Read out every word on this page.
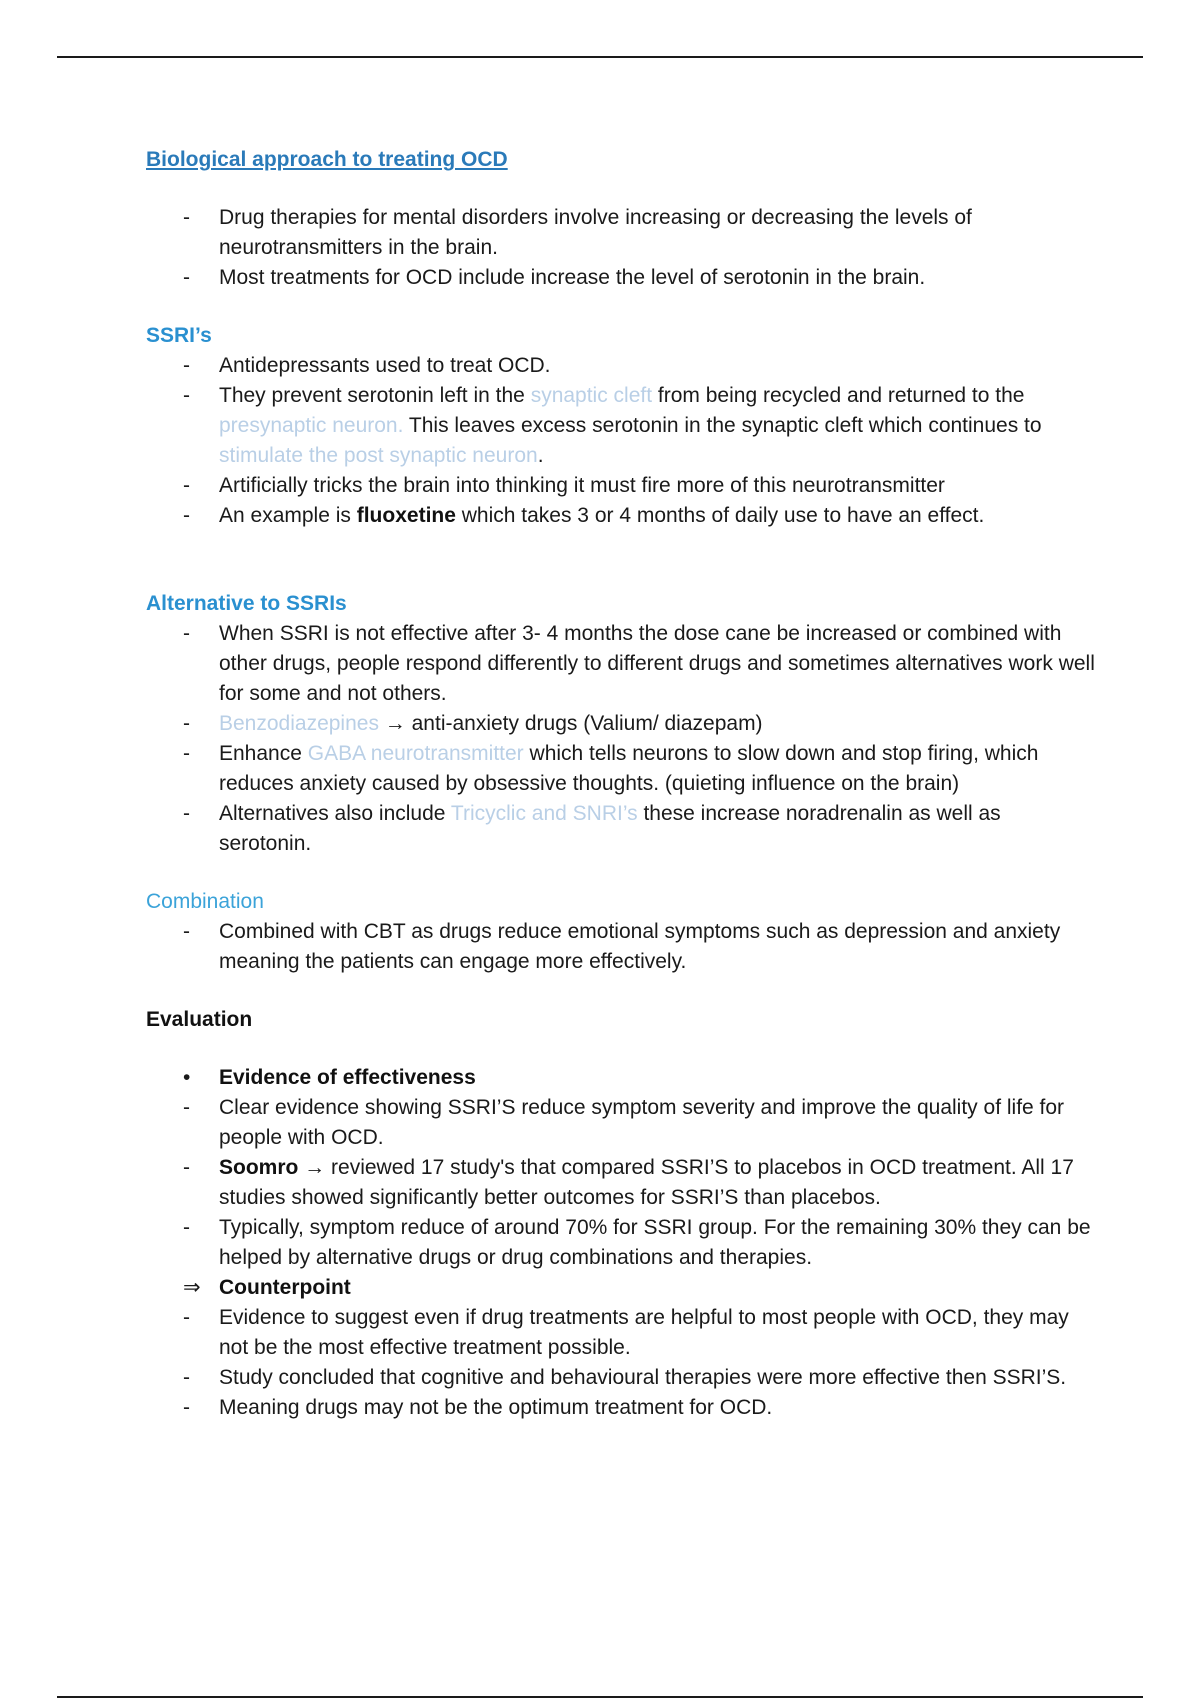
Biological approach to treating OCD

-	Drug therapies for mental disorders involve increasing or decreasing the levels of neurotransmitters in the brain.
-	Most treatments for OCD include increase the level of serotonin in the brain.

SSRI’s

-	Antidepressants used to treat OCD.
-	They prevent serotonin left in the synaptic cleft from being recycled and returned to the presynaptic neuron. This leaves excess serotonin in the synaptic cleft which continues to stimulate the post synaptic neuron.
-	Artificially tricks the brain into thinking it must fire more of this neurotransmitter
-	An example is fluoxetine which takes 3 or 4 months of daily use to have an effect.

Alternative to SSRIs

-	When SSRI is not effective after 3- 4 months the dose cane be increased or combined with other drugs, people respond differently to different drugs and sometimes alternatives work well for some and not others.
-	Benzodiazepines → anti-anxiety drugs (Valium/ diazepam)
-	Enhance GABA neurotransmitter which tells neurons to slow down and stop firing, which reduces anxiety caused by obsessive thoughts. (quieting influence on the brain)
-	Alternatives also include Tricyclic and SNRI’s these increase noradrenalin as well as serotonin.

Combination

-	Combined with CBT as drugs reduce emotional symptoms such as depression and anxiety meaning the patients can engage more effectively.

Evaluation

•	Evidence of effectiveness
-	Clear evidence showing SSRI’S reduce symptom severity and improve the quality of life for people with OCD.
-	Soomro → reviewed 17 study's that compared SSRI’S to placebos in OCD treatment. All 17 studies showed significantly better outcomes for SSRI’S than placebos.
-	Typically, symptom reduce of around 70% for SSRI group. For the remaining 30% they can be helped by alternative drugs or drug combinations and therapies.
⇒ Counterpoint
-	Evidence to suggest even if drug treatments are helpful to most people with OCD, they may not be the most effective treatment possible.
-	Study concluded that cognitive and behavioural therapies were more effective then SSRI’S.
-	Meaning drugs may not be the optimum treatment for OCD.
